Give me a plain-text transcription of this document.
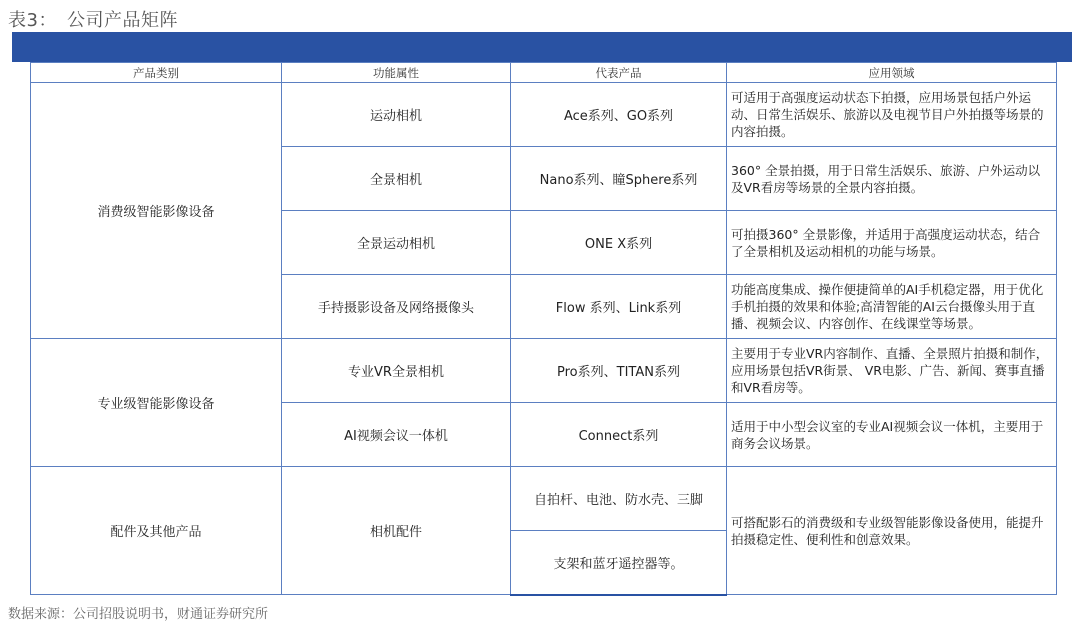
表3： 公司产品矩阵
产品类别	功能属性	代表产品	应用领域
消费级智能影像设备	运动相机	Ace系列、GO系列	可适用于高强度运动状态下拍摄，应用场景包括户外运动、日常生活娱乐、旅游以及电视节目户外拍摄等场景的内容拍摄。
	全景相机	Nano系列、瞳Sphere系列	360° 全景拍摄，用于日常生活娱乐、旅游、户外运动以及VR看房等场景的全景内容拍摄。
	全景运动相机	ONE X系列	可拍摄360° 全景影像，并适用于高强度运动状态，结合了全景相机及运动相机的功能与场景。
	手持摄影设备及网络摄像头	Flow 系列、Link系列	功能高度集成、操作便捷简单的AI手机稳定器，用于优化手机拍摄的效果和体验;高清智能的AI云台摄像头用于直播、视频会议、内容创作、在线课堂等场景。
专业级智能影像设备	专业VR全景相机	Pro系列、TITAN系列	主要用于专业VR内容制作、直播、全景照片拍摄和制作，应用场景包括VR街景、 VR电影、广告、新闻、赛事直播和VR看房等。
	AI视频会议一体机	Connect系列	适用于中小型会议室的专业AI视频会议一体机，主要用于商务会议场景。
配件及其他产品	相机配件	自拍杆、电池、防水壳、三脚	可搭配影石的消费级和专业级智能影像设备使用，能提升拍摄稳定性、便利性和创意效果。
		支架和蓝牙遥控器等。	
数据来源：公司招股说明书，财通证券研究所
